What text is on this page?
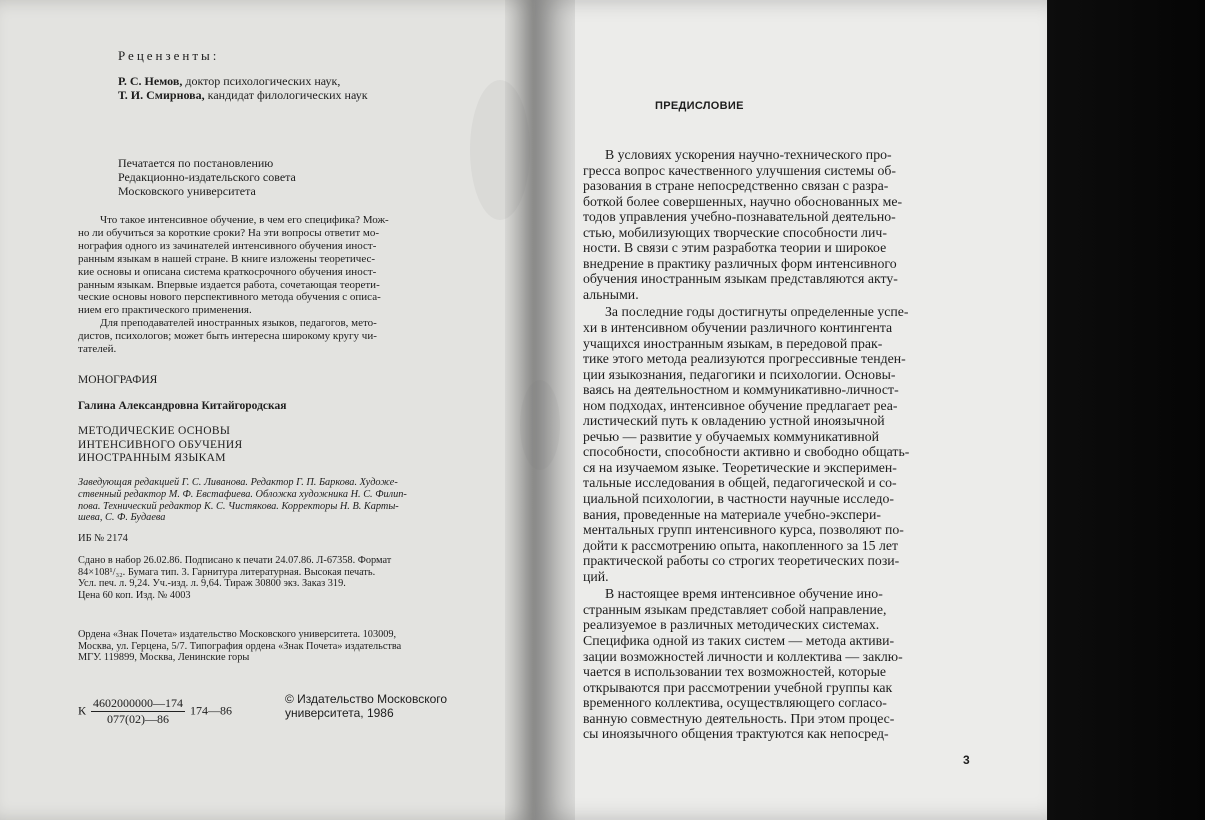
Рецензенты:
Р. С. Немов, доктор психологических наук,
Т. И. Смирнова, кандидат филологических наук
Печатается по постановлению
Редакционно-издательского совета
Московского университета
Что такое интенсивное обучение, в чем его специфика? Мож-
но ли обучиться за короткие сроки? На эти вопросы ответит мо-
нография одного из зачинателей интенсивного обучения иност-
ранным языкам в нашей стране. В книге изложены теоретичес-
кие основы и описана система краткосрочного обучения иност-
ранным языкам. Впервые издается работа, сочетающая теорети-
ческие основы нового перспективного метода обучения с описа-
нием его практического применения.
Для преподавателей иностранных языков, педагогов, мето-
дистов, психологов; может быть интересна широкому кругу чи-
тателей.
МОНОГРАФИЯ
Галина Александровна Китайгородская
МЕТОДИЧЕСКИЕ ОСНОВЫ
ИНТЕНСИВНОГО ОБУЧЕНИЯ
ИНОСТРАННЫМ ЯЗЫКАМ
Заведующая редакцией Г. С. Ливанова. Редактор Г. П. Баркова. Художе-
ственный редактор М. Ф. Евстафиева. Обложка художника Н. С. Филип-
пова. Технический редактор К. С. Чистякова. Корректоры Н. В. Карты-
шева, С. Ф. Будаева
ИБ № 2174
Сдано в набор 26.02.86. Подписано к печати 24.07.86. Л-67358. Формат
84×108¹/₃₂. Бумага тип. 3. Гарнитура литературная. Высокая печать.
Усл. печ. л. 9,24. Уч.-изд. л. 9,64. Тираж 30800 экз. Заказ 319.
Цена 60 коп. Изд. № 4003
Ордена «Знак Почета» издательство Московского университета. 103009,
Москва, ул. Герцена, 5/7. Типография ордена «Знак Почета» издательства
МГУ. 119899, Москва, Ленинские горы
К $\frac{4602000000—174}{077(02)—86}$ 174—86
© Издательство Московского
университета, 1986
ПРЕДИСЛОВИЕ

В условиях ускорения научно-технического про-
гресса вопрос качественного улучшения системы об-
разования в стране непосредственно связан с разра-
боткой более совершенных, научно обоснованных ме-
тодов управления учебно-познавательной деятельно-
стью, мобилизующих творческие способности лич-
ности. В связи с этим разработка теории и широкое
внедрение в практику различных форм интенсивного
обучения иностранным языкам представляются акту-
альными.

За последние годы достигнуты определенные успе-
хи в интенсивном обучении различного контингента
учащихся иностранным языкам, в передовой прак-
тике этого метода реализуются прогрессивные тенден-
ции языкознания, педагогики и психологии. Основы-
ваясь на деятельностном и коммуникативно-личност-
ном подходах, интенсивное обучение предлагает реа-
листический путь к овладению устной иноязычной
речью — развитие у обучаемых коммуникативной
способности, способности активно и свободно общать-
ся на изучаемом языке. Теоретические и эксперимен-
тальные исследования в общей, педагогической и со-
циальной психологии, в частности научные исследо-
вания, проведенные на материале учебно-экспери-
ментальных групп интенсивного курса, позволяют по-
дойти к рассмотрению опыта, накопленного за 15 лет
практической работы со строгих теоретических пози-
ций.

В настоящее время интенсивное обучение ино-
странным языкам представляет собой направление,
реализуемое в различных методических системах.
Специфика одной из таких систем — метода активи-
зации возможностей личности и коллектива — заклю-
чается в использовании тех возможностей, которые
открываются при рассмотрении учебной группы как
временного коллектива, осуществляющего согласо-
ванную совместную деятельность. При этом процес-
сы иноязычного общения трактуются как непосред-

3
